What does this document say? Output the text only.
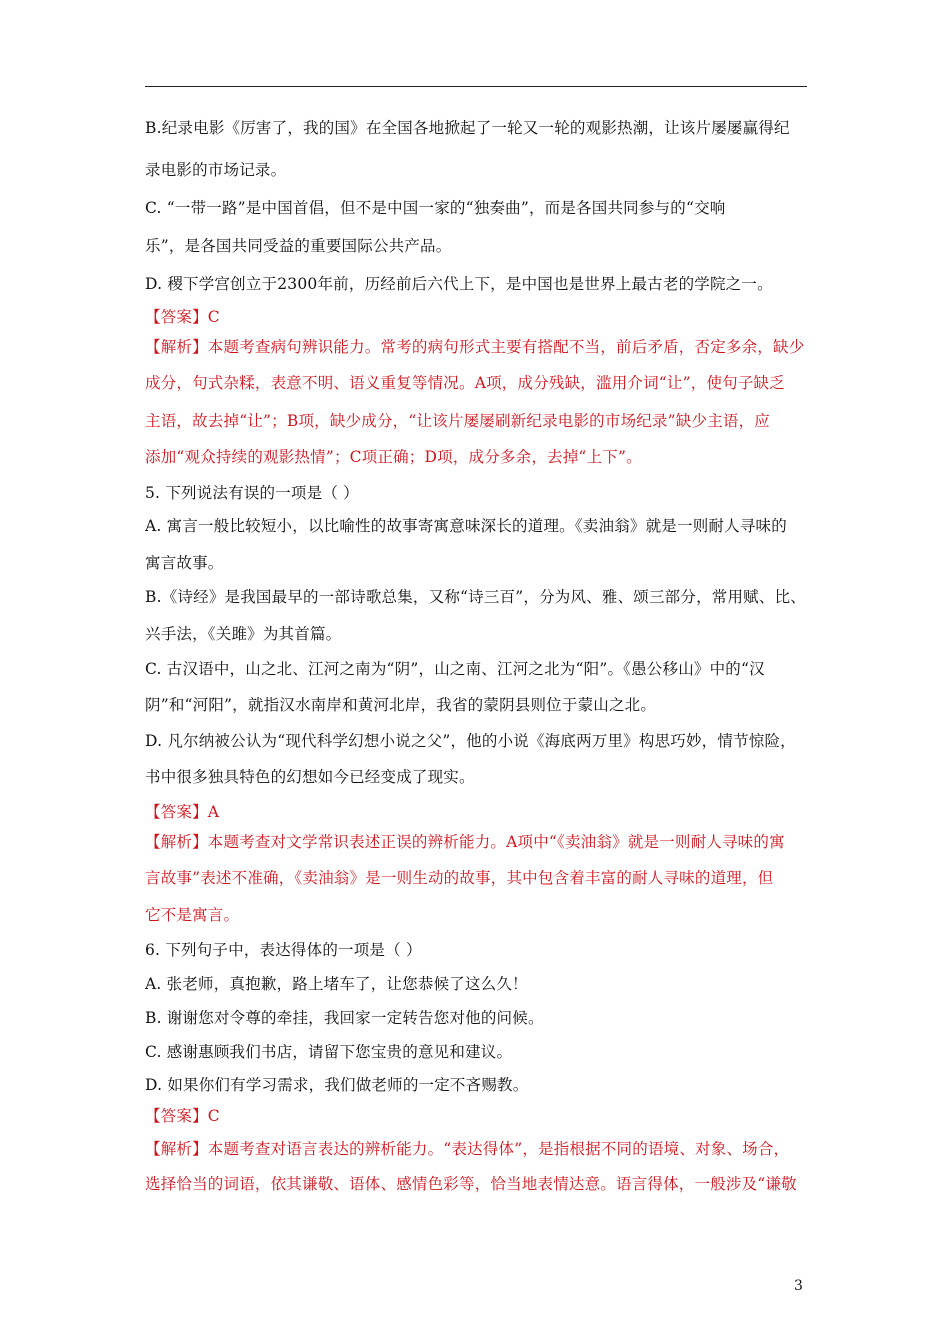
B.纪录电影《厉害了，我的国》在全国各地掀起了一轮又一轮的观影热潮，让该片屡屡赢得纪
录电影的市场记录。
C. “一带一路”是中国首倡，但不是中国一家的“独奏曲”，而是各国共同参与的“交响
乐”，是各国共同受益的重要国际公共产品。
D. 稷下学宫创立于2300年前，历经前后六代上下，是中国也是世界上最古老的学院之一。
【答案】C
【解析】本题考查病句辨识能力。常考的病句形式主要有搭配不当，前后矛盾，否定多余，缺少
成分，句式杂糅，表意不明、语义重复等情况。A项，成分残缺，滥用介词“让”，使句子缺乏
主语，故去掉“让”；B项，缺少成分，“让该片屡屡刷新纪录电影的市场纪录”缺少主语，应
添加“观众持续的观影热情”；C项正确；D项，成分多余，去掉“上下”。
5. 下列说法有误的一项是（ ）
A. 寓言一般比较短小，以比喻性的故事寄寓意味深长的道理。《卖油翁》就是一则耐人寻味的
寓言故事。
B.《诗经》是我国最早的一部诗歌总集，又称“诗三百”，分为风、雅、颂三部分，常用赋、比、
兴手法，《关雎》为其首篇。
C. 古汉语中，山之北、江河之南为“阴”，山之南、江河之北为“阳”。《愚公移山》中的“汉
阴”和“河阳”，就指汉水南岸和黄河北岸，我省的蒙阴县则位于蒙山之北。
D. 凡尔纳被公认为“现代科学幻想小说之父”，他的小说《海底两万里》构思巧妙，情节惊险，
书中很多独具特色的幻想如今已经变成了现实。
【答案】A
【解析】本题考查对文学常识表述正误的辨析能力。A项中“《卖油翁》就是一则耐人寻味的寓
言故事”表述不准确，《卖油翁》是一则生动的故事，其中包含着丰富的耐人寻味的道理，但
它不是寓言。
6. 下列句子中，表达得体的一项是（ ）
A. 张老师，真抱歉，路上堵车了，让您恭候了这么久！
B. 谢谢您对令尊的牵挂，我回家一定转告您对他的问候。
C. 感谢惠顾我们书店，请留下您宝贵的意见和建议。
D. 如果你们有学习需求，我们做老师的一定不吝赐教。
【答案】C
【解析】本题考查对语言表达的辨析能力。“表达得体”，是指根据不同的语境、对象、场合，
选择恰当的词语，依其谦敬、语体、感情色彩等，恰当地表情达意。语言得体，一般涉及“谦敬
3
